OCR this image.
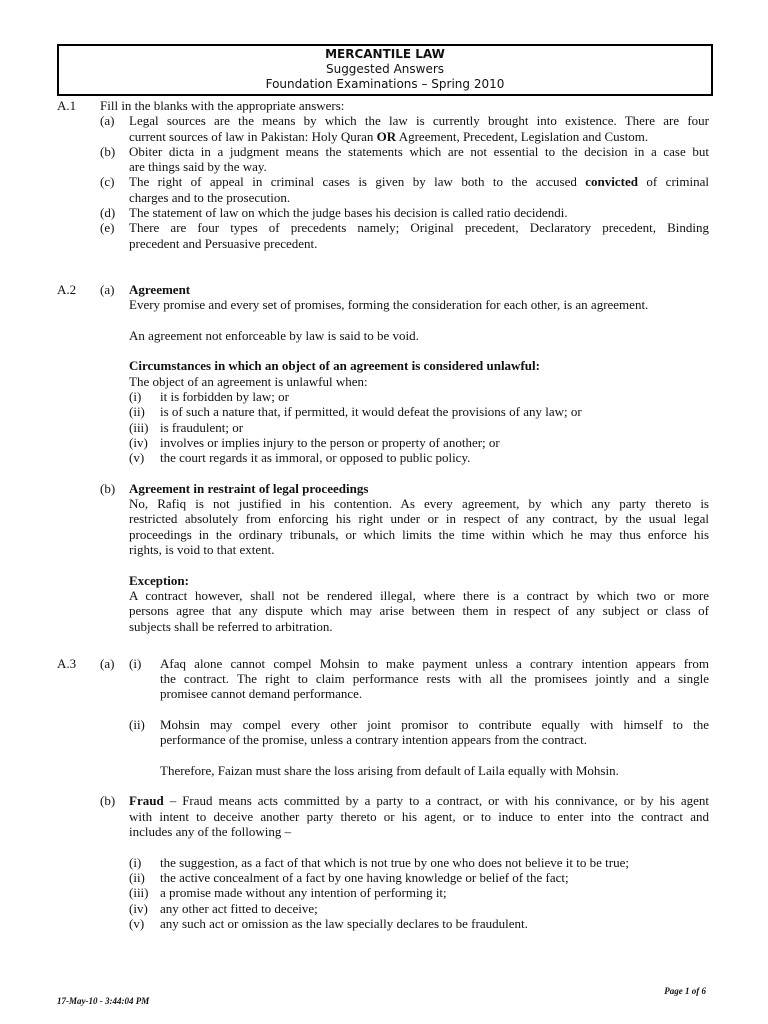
MERCANTILE LAW
Suggested Answers
Foundation Examinations – Spring 2010
A.1 Fill in the blanks with the appropriate answers:
(a) Legal sources are the means by which the law is currently brought into existence. There are four
current sources of law in Pakistan: Holy Quran OR Agreement, Precedent, Legislation and Custom.
(b) Obiter dicta in a judgment means the statements which are not essential to the decision in a case but
are things said by the way.
(c) The right of appeal in criminal cases is given by law both to the accused convicted of criminal
charges and to the prosecution.
(d) The statement of law on which the judge bases his decision is called ratio decidendi.
(e) There are four types of precedents namely; Original precedent, Declaratory precedent, Binding
precedent and Persuasive precedent.
A.2 (a) Agreement
Every promise and every set of promises, forming the consideration for each other, is an agreement.
An agreement not enforceable by law is said to be void.
Circumstances in which an object of an agreement is considered unlawful:
The object of an agreement is unlawful when:
(i) it is forbidden by law; or
(ii) is of such a nature that, if permitted, it would defeat the provisions of any law; or
(iii) is fraudulent; or
(iv) involves or implies injury to the person or property of another; or
(v) the court regards it as immoral, or opposed to public policy.
(b) Agreement in restraint of legal proceedings
No, Rafiq is not justified in his contention. As every agreement, by which any party thereto is
restricted absolutely from enforcing his right under or in respect of any contract, by the usual legal
proceedings in the ordinary tribunals, or which limits the time within which he may thus enforce his
rights, is void to that extent.
Exception:
A contract however, shall not be rendered illegal, where there is a contract by which two or more
persons agree that any dispute which may arise between them in respect of any subject or class of
subjects shall be referred to arbitration.
A.3 (a) (i) Afaq alone cannot compel Mohsin to make payment unless a contrary intention appears from
the contract. The right to claim performance rests with all the promisees jointly and a single
promisee cannot demand performance.
(ii) Mohsin may compel every other joint promisor to contribute equally with himself to the
performance of the promise, unless a contrary intention appears from the contract.
Therefore, Faizan must share the loss arising from default of Laila equally with Mohsin.
(b) Fraud – Fraud means acts committed by a party to a contract, or with his connivance, or by his agent
with intent to deceive another party thereto or his agent, or to induce to enter into the contract and
includes any of the following –
(i) the suggestion, as a fact of that which is not true by one who does not believe it to be true;
(ii) the active concealment of a fact by one having knowledge or belief of the fact;
(iii) a promise made without any intention of performing it;
(iv) any other act fitted to deceive;
(v) any such act or omission as the law specially declares to be fraudulent.
Page 1 of 6
17-May-10 - 3:44:04 PM
